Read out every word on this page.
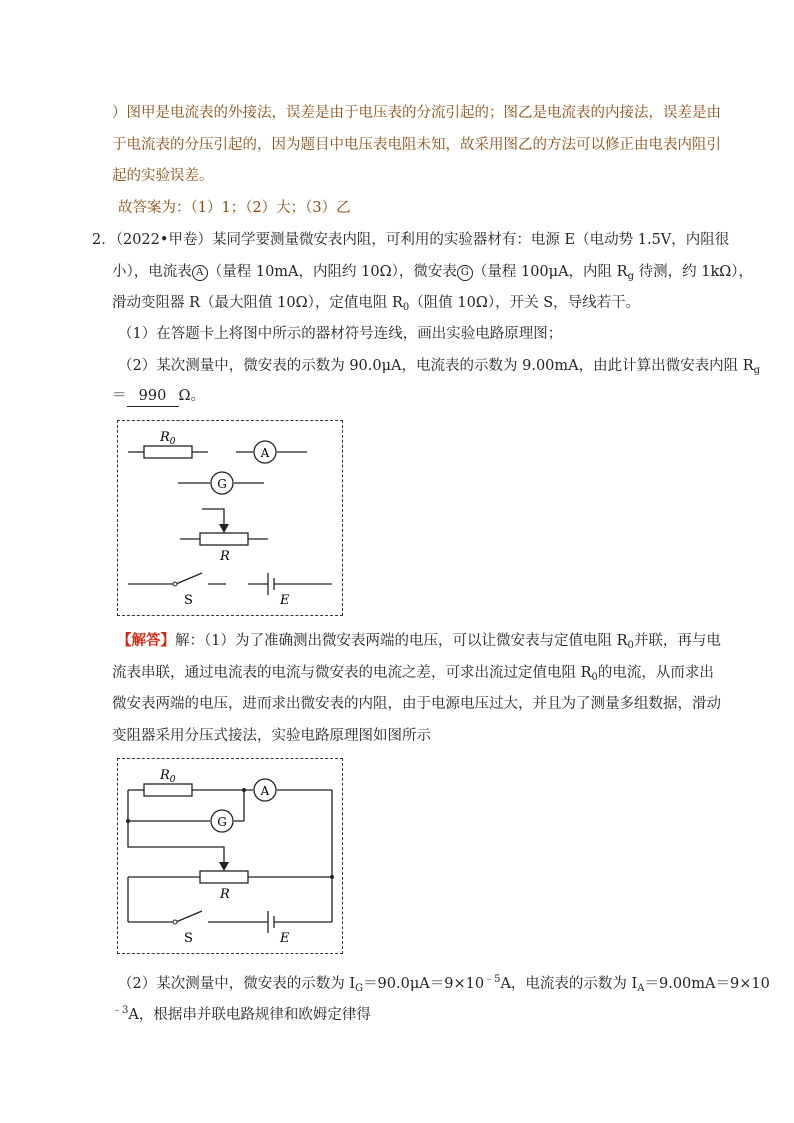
）图甲是电流表的外接法，误差是由于电压表的分流引起的；图乙是电流表的内接法，误差是由
于电流表的分压引起的，因为题目中电压表电阻未知，故采用图乙的方法可以修正由电表内阻引
起的实验误差。
故答案为：（1）1；（2）大；（3）乙
2．（2022•甲卷）某同学要测量微安表内阻，可利用的实验器材有：电源 E（电动势 1.5V，内阻很
小），电流表 A （量程 10mA，内阻约 10Ω），微安表 G （量程 100μA，内阻 $R_g$ 待测，约 1kΩ），
滑动变阻器 R（最大阻值 10Ω），定值电阻 $R_0$（阻值 10Ω），开关 S，导线若干。
（1）在答题卡上将图中所示的器材符号连线，画出实验电路原理图；
（2）某次测量中，微安表的示数为 90.0μA，电流表的示数为 9.00mA，由此计算出微安表内阻 $R_g$
＝ 990 Ω。
$R_0$
A
G
R
S	E
【解答】解：（1）为了准确测出微安表两端的电压，可以让微安表与定值电阻 $R_0$并联，再与电
流表串联，通过电流表的电流与微安表的电流之差，可求出流过定值电阻 $R_0$的电流，从而求出
微安表两端的电压，进而求出微安表的内阻，由于电源电压过大，并且为了测量多组数据，滑动
变阻器采用分压式接法，实验电路原理图如图所示
$R_0$
A
G
R
S	E
（2）某次测量中，微安表的示数为 $I_G=90.0\mu A=9\times 10^{﹣5}A$，电流表的示数为 $I_A=9.00mA=9\times 10$
$^{﹣3}$A，根据串并联电路规律和欧姆定律得
